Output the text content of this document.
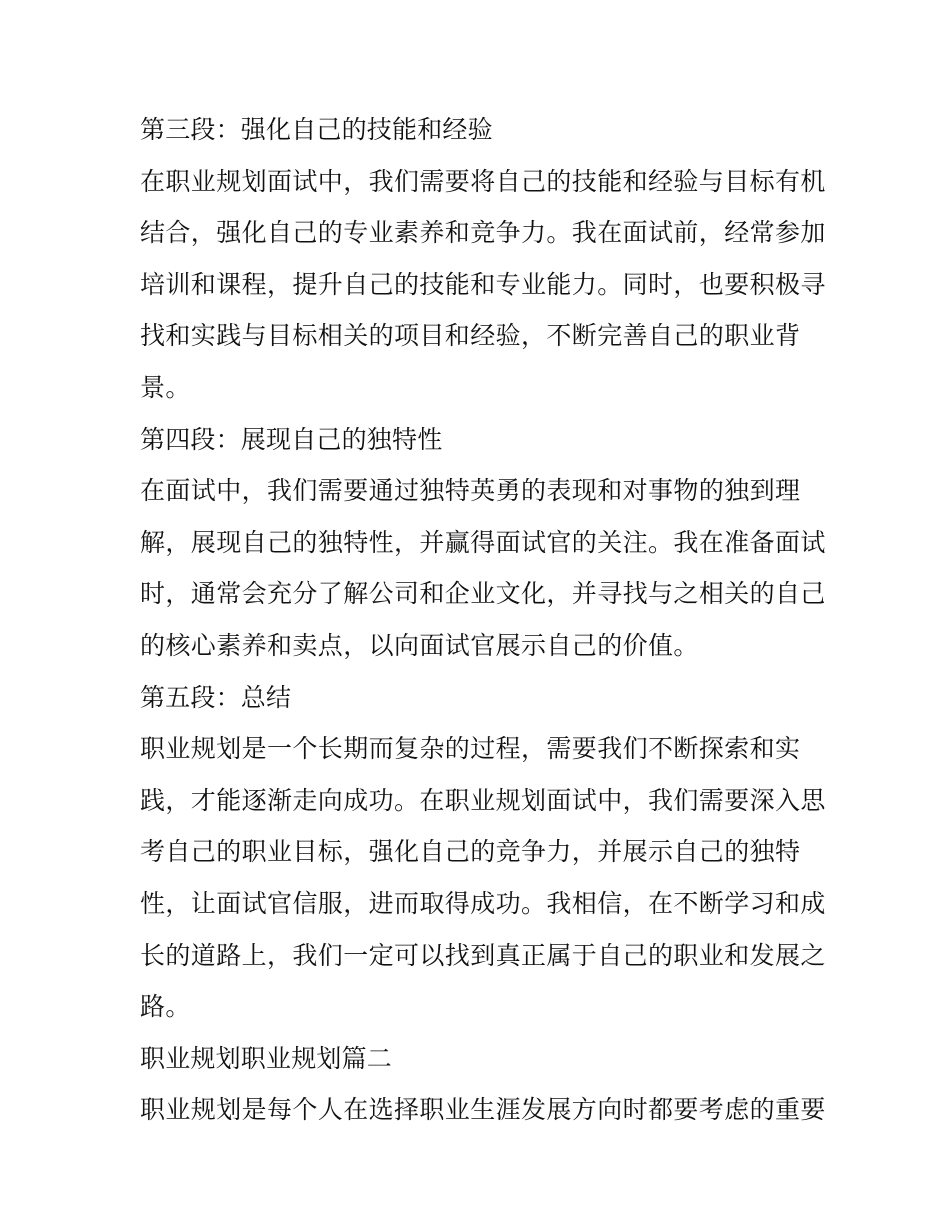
第三段：强化自己的技能和经验
在职业规划面试中，我们需要将自己的技能和经验与目标有机
结合，强化自己的专业素养和竞争力。我在面试前，经常参加
培训和课程，提升自己的技能和专业能力。同时，也要积极寻
找和实践与目标相关的项目和经验，不断完善自己的职业背
景。
第四段：展现自己的独特性
在面试中，我们需要通过独特英勇的表现和对事物的独到理
解，展现自己的独特性，并赢得面试官的关注。我在准备面试
时，通常会充分了解公司和企业文化，并寻找与之相关的自己
的核心素养和卖点，以向面试官展示自己的价值。
第五段：总结
职业规划是一个长期而复杂的过程，需要我们不断探索和实
践，才能逐渐走向成功。在职业规划面试中，我们需要深入思
考自己的职业目标，强化自己的竞争力，并展示自己的独特
性，让面试官信服，进而取得成功。我相信，在不断学习和成
长的道路上，我们一定可以找到真正属于自己的职业和发展之
路。
职业规划职业规划篇二
职业规划是每个人在选择职业生涯发展方向时都要考虑的重要
